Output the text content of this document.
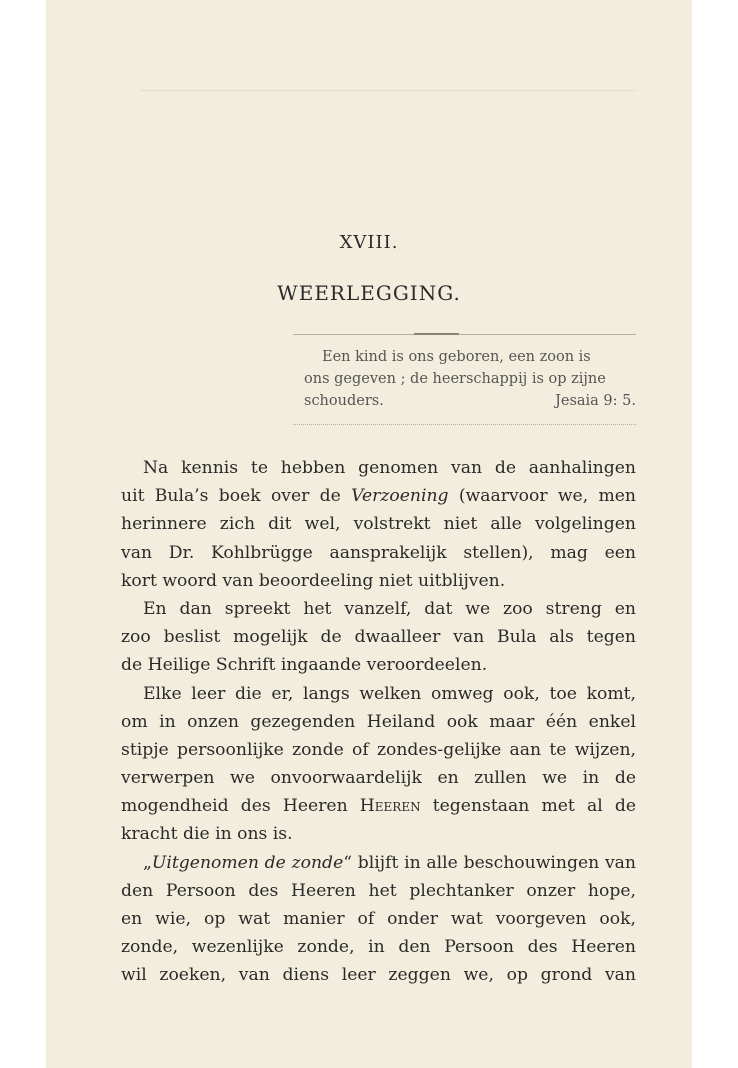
XVIII.
WEERLEGGING.
Een kind is ons geboren, een zoon is
ons gegeven ; de heerschappij is op zijne
schouders.	Jesaia 9: 5.
Na kennis te hebben genomen van de aanhalingen
uit Bula’s boek over de Verzoening (waarvoor we, men
herinnere zich dit wel, volstrekt niet alle volgelingen
van Dr. Kohlbrügge aansprakelijk stellen), mag een
kort woord van beoordeeling niet uitblijven.
En dan spreekt het vanzelf, dat we zoo streng en
zoo beslist mogelijk de dwaalleer van Bula als tegen
de Heilige Schrift ingaande veroordeelen.
Elke leer die er, langs welken omweg ook, toe komt,
om in onzen gezegenden Heiland ook maar één enkel
stipje persoonlijke zonde of zondes-gelijke aan te wijzen,
verwerpen we onvoorwaardelijk en zullen we in de
mogendheid des Heeren Heeren tegenstaan met al de
kracht die in ons is.
„Uitgenomen de zonde“ blijft in alle beschouwingen van
den Persoon des Heeren het plechtanker onzer hope,
en wie, op wat manier of onder wat voorgeven ook,
zonde, wezenlijke zonde, in den Persoon des Heeren
wil zoeken, van diens leer zeggen we, op grond van
